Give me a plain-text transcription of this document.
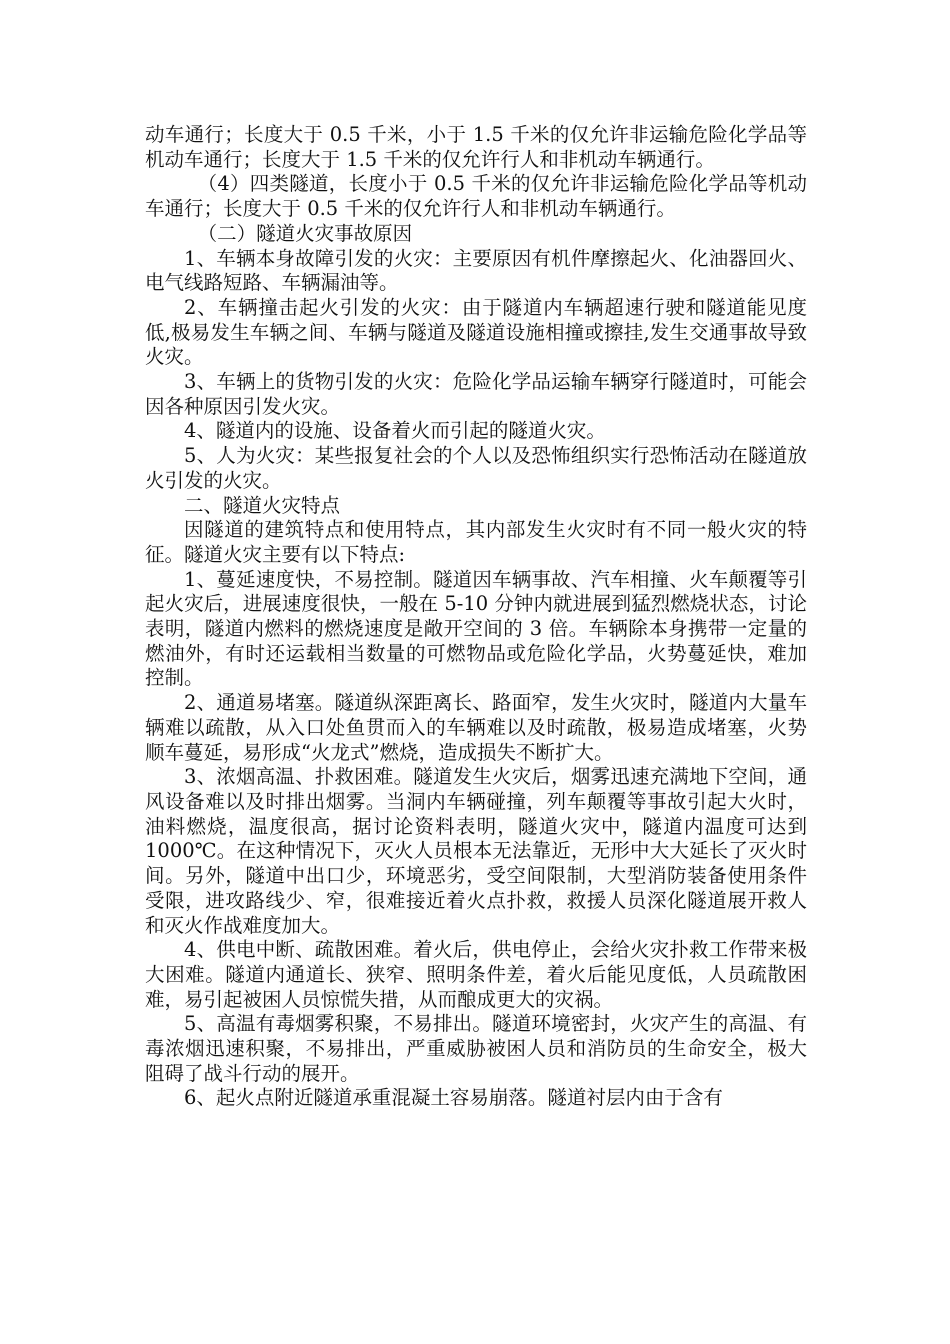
动车通行；长度大于 0.5 千米，小于 1.5 千米的仅允许非运输危险化学品等机动车通行；长度大于 1.5 千米的仅允许行人和非机动车辆通行。

（4）四类隧道，长度小于 0.5 千米的仅允许非运输危险化学品等机动车通行；长度大于 0.5 千米的仅允许行人和非机动车辆通行。

（二）隧道火灾事故原因

1、车辆本身故障引发的火灾：主要原因有机件摩擦起火、化油器回火、电气线路短路、车辆漏油等。

2、车辆撞击起火引发的火灾：由于隧道内车辆超速行驶和隧道能见度低,极易发生车辆之间、车辆与隧道及隧道设施相撞或擦挂,发生交通事故导致火灾。

3、车辆上的货物引发的火灾：危险化学品运输车辆穿行隧道时，可能会因各种原因引发火灾。

4、隧道内的设施、设备着火而引起的隧道火灾。

5、人为火灾：某些报复社会的个人以及恐怖组织实行恐怖活动在隧道放火引发的火灾。

二、隧道火灾特点

因隧道的建筑特点和使用特点，其内部发生火灾时有不同一般火灾的特征。隧道火灾主要有以下特点:

1、蔓延速度快，不易控制。隧道因车辆事故、汽车相撞、火车颠覆等引起火灾后，进展速度很快，一般在 5-10 分钟内就进展到猛烈燃烧状态，讨论表明，隧道内燃料的燃烧速度是敞开空间的 3 倍。车辆除本身携带一定量的燃油外，有时还运载相当数量的可燃物品或危险化学品，火势蔓延快，难加控制。

2、通道易堵塞。隧道纵深距离长、路面窄，发生火灾时，隧道内大量车辆难以疏散，从入口处鱼贯而入的车辆难以及时疏散，极易造成堵塞，火势顺车蔓延，易形成“火龙式”燃烧，造成损失不断扩大。

3、浓烟高温、扑救困难。隧道发生火灾后，烟雾迅速充满地下空间，通风设备难以及时排出烟雾。当洞内车辆碰撞，列车颠覆等事故引起大火时，油料燃烧，温度很高，据讨论资料表明，隧道火灾中，隧道内温度可达到 1000℃。在这种情况下，灭火人员根本无法靠近，无形中大大延长了灭火时间。另外，隧道中出口少，环境恶劣，受空间限制，大型消防装备使用条件受限，进攻路线少、窄，很难接近着火点扑救，救援人员深化隧道展开救人和灭火作战难度加大。

4、供电中断、疏散困难。着火后，供电停止，会给火灾扑救工作带来极大困难。隧道内通道长、狭窄、照明条件差，着火后能见度低，人员疏散困难，易引起被困人员惊慌失措，从而酿成更大的灾祸。

5、高温有毒烟雾积聚，不易排出。隧道环境密封，火灾产生的高温、有毒浓烟迅速积聚，不易排出，严重威胁被困人员和消防员的生命安全，极大阻碍了战斗行动的展开。

6、起火点附近隧道承重混凝土容易崩落。隧道衬层内由于含有
